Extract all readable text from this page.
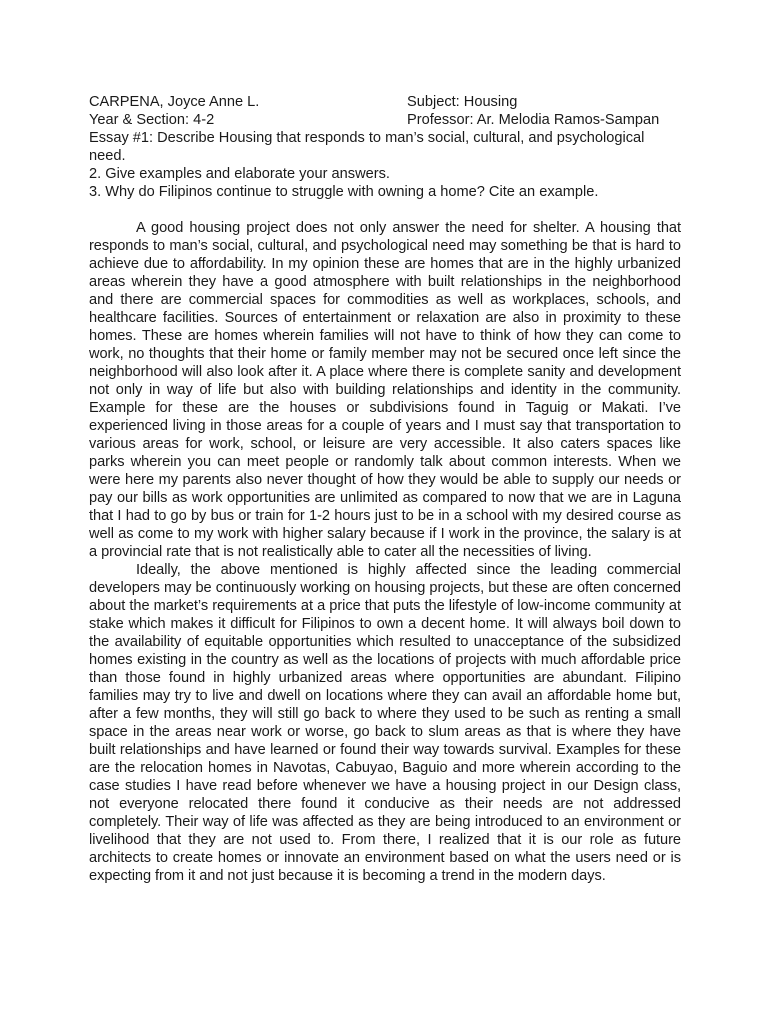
CARPENA, Joyce Anne L.	Subject: Housing
Year & Section: 4-2	Professor: Ar. Melodia Ramos-Sampan
Essay #1: Describe Housing that responds to man’s social, cultural, and psychological need.
2. Give examples and elaborate your answers.
3. Why do Filipinos continue to struggle with owning a home? Cite an example.

A good housing project does not only answer the need for shelter. A housing that responds to man’s social, cultural, and psychological need may something be that is hard to achieve due to affordability. In my opinion these are homes that are in the highly urbanized areas wherein they have a good atmosphere with built relationships in the neighborhood and there are commercial spaces for commodities as well as workplaces, schools, and healthcare facilities. Sources of entertainment or relaxation are also in proximity to these homes. These are homes wherein families will not have to think of how they can come to work, no thoughts that their home or family member may not be secured once left since the neighborhood will also look after it. A place where there is complete sanity and development not only in way of life but also with building relationships and identity in the community. Example for these are the houses or subdivisions found in Taguig or Makati. I’ve experienced living in those areas for a couple of years and I must say that transportation to various areas for work, school, or leisure are very accessible. It also caters spaces like parks wherein you can meet people or randomly talk about common interests. When we were here my parents also never thought of how they would be able to supply our needs or pay our bills as work opportunities are unlimited as compared to now that we are in Laguna that I had to go by bus or train for 1-2 hours just to be in a school with my desired course as well as come to my work with higher salary because if I work in the province, the salary is at a provincial rate that is not realistically able to cater all the necessities of living.

Ideally, the above mentioned is highly affected since the leading commercial developers may be continuously working on housing projects, but these are often concerned about the market’s requirements at a price that puts the lifestyle of low-income community at stake which makes it difficult for Filipinos to own a decent home. It will always boil down to the availability of equitable opportunities which resulted to unacceptance of the subsidized homes existing in the country as well as the locations of projects with much affordable price than those found in highly urbanized areas where opportunities are abundant. Filipino families may try to live and dwell on locations where they can avail an affordable home but, after a few months, they will still go back to where they used to be such as renting a small space in the areas near work or worse, go back to slum areas as that is where they have built relationships and have learned or found their way towards survival. Examples for these are the relocation homes in Navotas, Cabuyao, Baguio and more wherein according to the case studies I have read before whenever we have a housing project in our Design class, not everyone relocated there found it conducive as their needs are not addressed completely. Their way of life was affected as they are being introduced to an environment or livelihood that they are not used to. From there, I realized that it is our role as future architects to create homes or innovate an environment based on what the users need or is expecting from it and not just because it is becoming a trend in the modern days.
